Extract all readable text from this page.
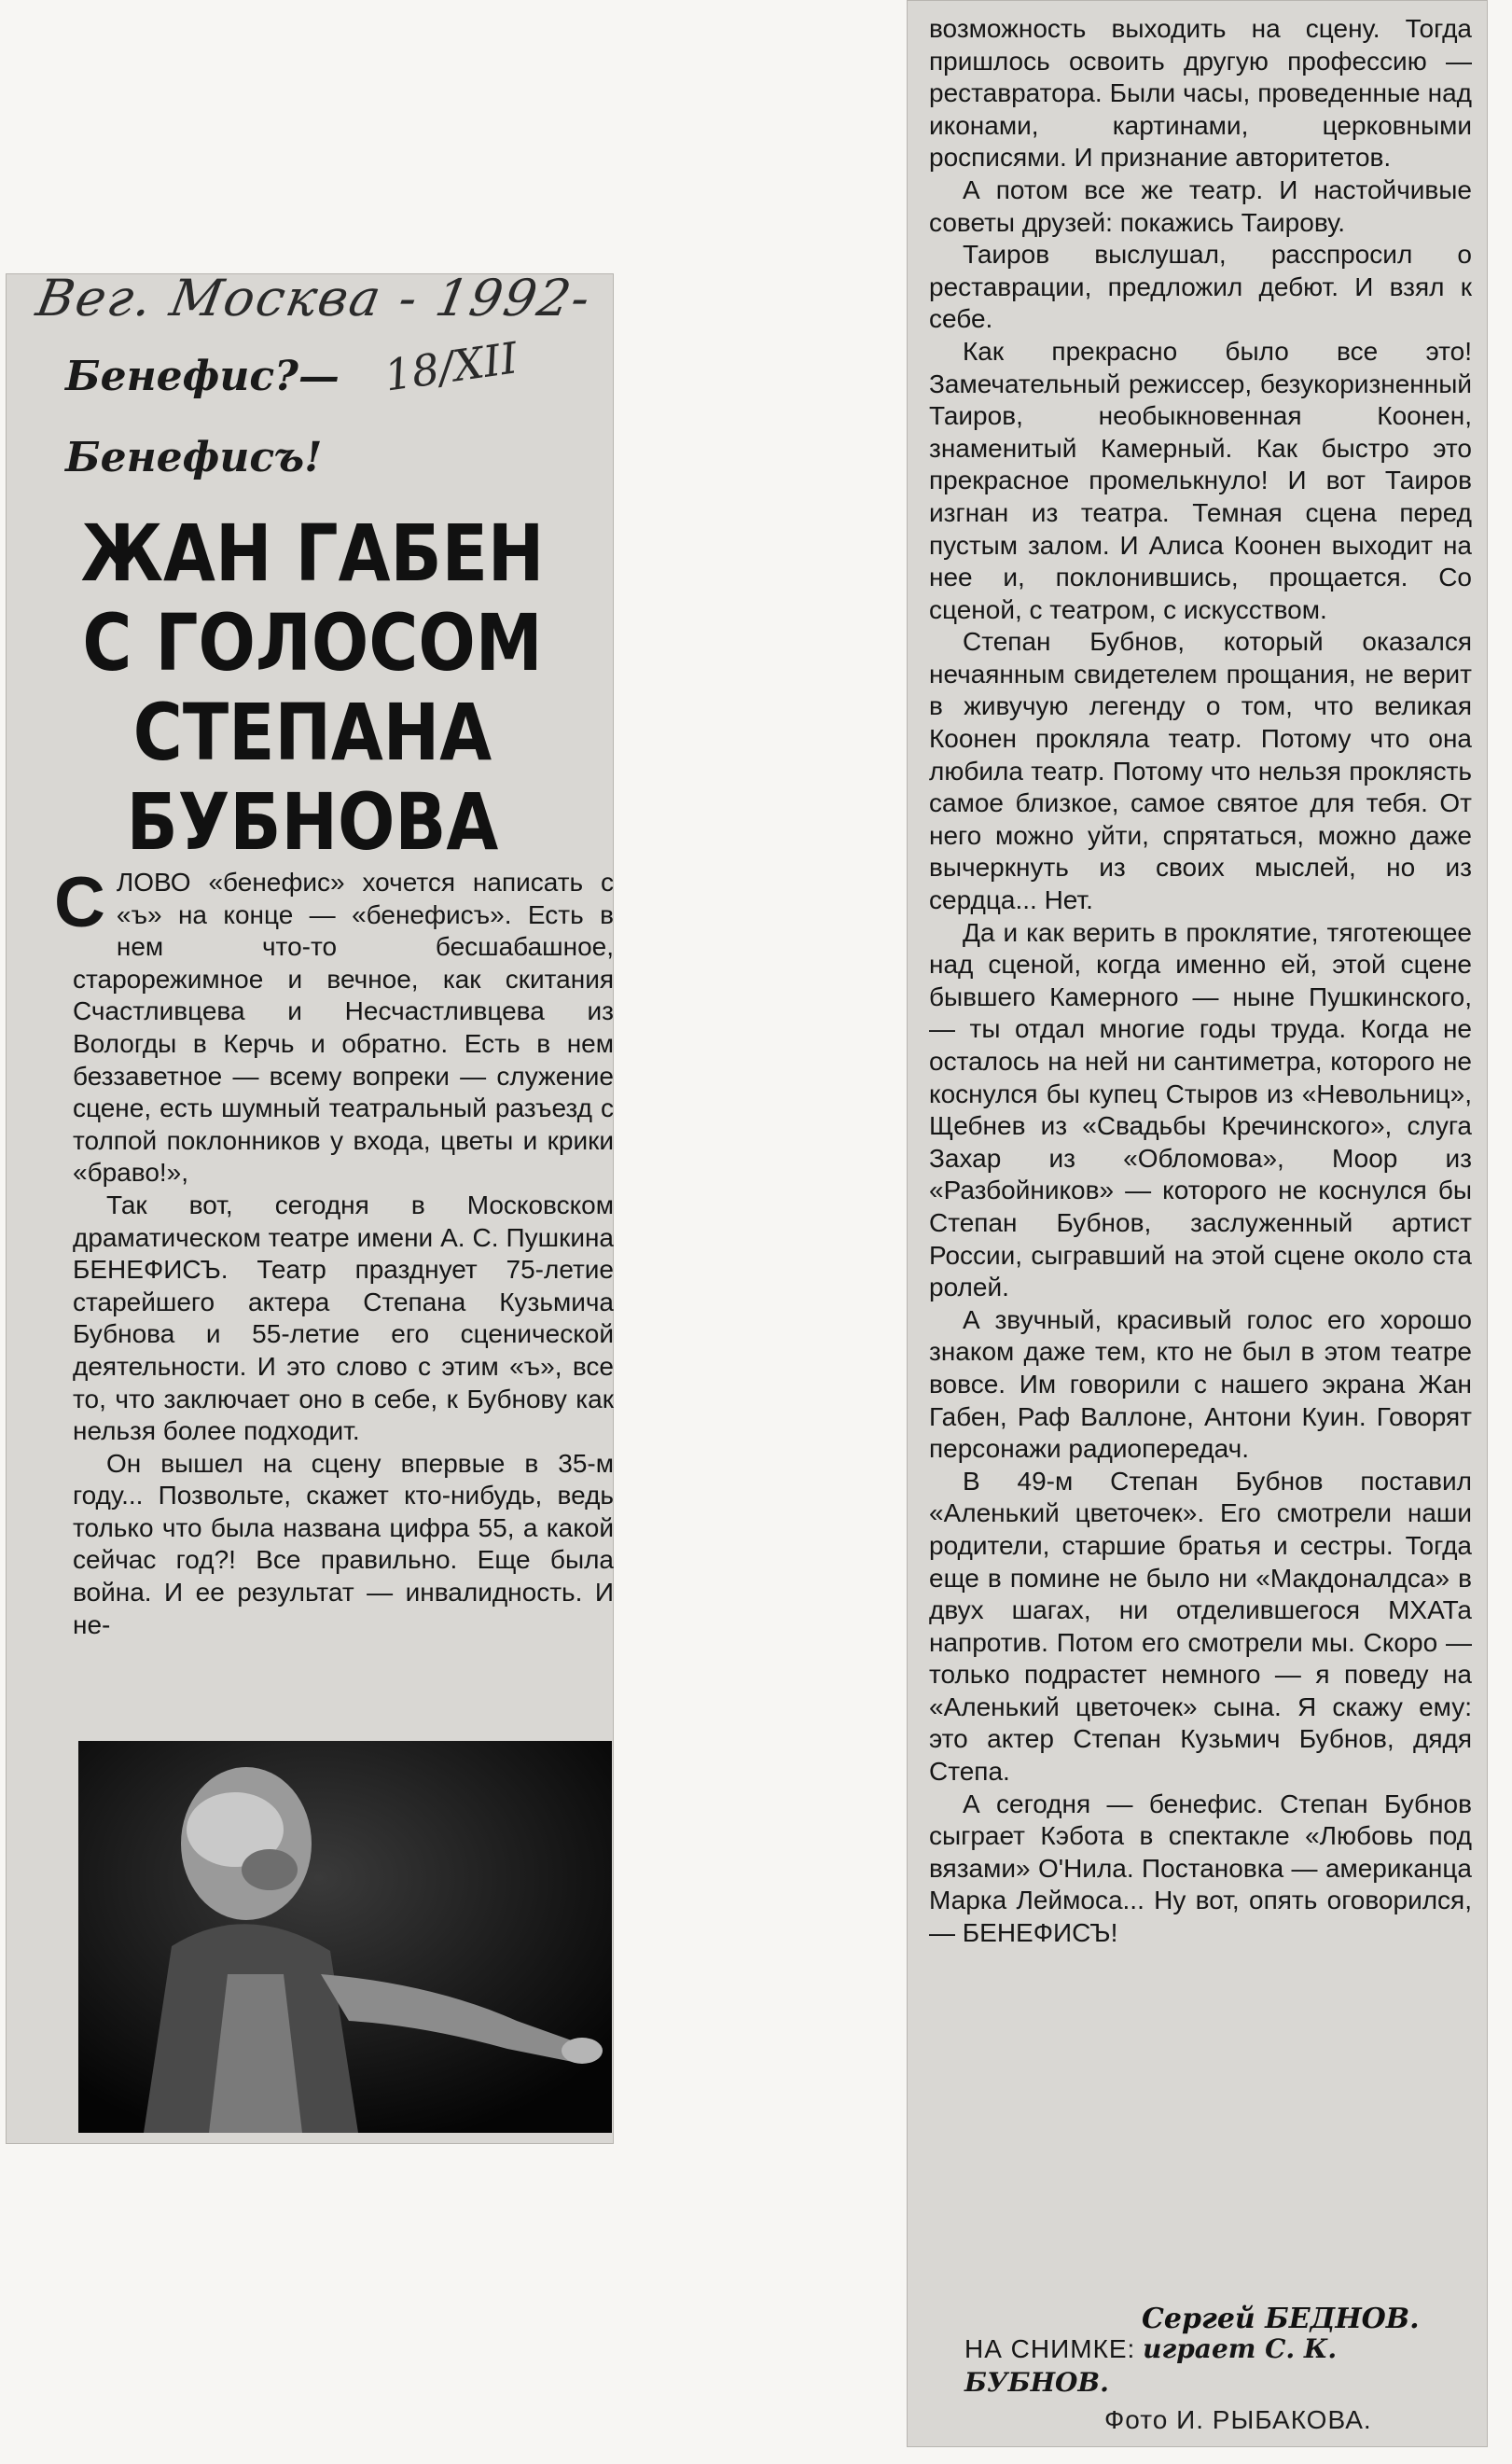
Вег. Москва - 1992-
Бенефис?— 18/XII
Бенефисъ!
ЖАН ГАБЕН
С ГОЛОСОМ
СТЕПАНА
БУБНОВА

СЛОВО «бенефис» хочется написать с «ъ» на конце — «бенефисъ». Есть в нем что-то бесшабашное, старорежимное и вечное, как скитания Счастливцева и Несчастливцева из Вологды в Керчь и обратно. Есть в нем беззаветное — всему вопреки — служение сцене, есть шумный театральный разъезд с толпой поклонников у входа, цветы и крики «браво!»,

Так вот, сегодня в Московском драматическом театре имени А. С. Пушкина БЕНЕФИСЪ. Театр празднует 75-летие старейшего актера Степана Кузьмича Бубнова и 55-летие его сценической деятельности. И это слово с этим «ъ», все то, что заключает оно в себе, к Бубнову как нельзя более подходит.

Он вышел на сцену впервые в 35-м году... Позвольте, скажет кто-нибудь, ведь только что была названа цифра 55, а какой сейчас год?! Все правильно. Еще была война. И ее результат — инвалидность. И не-

возможность выходить на сцену. Тогда пришлось освоить другую профессию — реставратора. Были часы, проведенные над иконами, картинами, церковными росписями. И признание авторитетов.

А потом все же театр. И настойчивые советы друзей: покажись Таирову.

Таиров выслушал, расспросил о реставрации, предложил дебют. И взял к себе.

Как прекрасно было все это! Замечательный режиссер, безукоризненный Таиров, необыкновенная Коонен, знаменитый Камерный. Как быстро это прекрасное промелькнуло! И вот Таиров изгнан из театра. Темная сцена перед пустым залом. И Алиса Коонен выходит на нее и, поклонившись, прощается. Со сценой, с театром, с искусством.

Степан Бубнов, который оказался нечаянным свидетелем прощания, не верит в живучую легенду о том, что великая Коонен прокляла театр. Потому что она любила театр. Потому что нельзя проклясть самое близкое, самое святое для тебя. От него можно уйти, спрятаться, можно даже вычеркнуть из своих мыслей, но из сердца... Нет.

Да и как верить в проклятие, тяготеющее над сценой, когда именно ей, этой сцене бывшего Камерного — ныне Пушкинского, — ты отдал многие годы труда. Когда не осталось на ней ни сантиметра, которого не коснулся бы купец Стыров из «Невольниц», Щебнев из «Свадьбы Кречинского», слуга Захар из «Обломова», Моор из «Разбойников» — которого не коснулся бы Степан Бубнов, заслуженный артист России, сыгравший на этой сцене около ста ролей.

А звучный, красивый голос его хорошо знаком даже тем, кто не был в этом театре вовсе. Им говорили с нашего экрана Жан Габен, Раф Валлоне, Антони Куин. Говорят персонажи радиопередач.

В 49-м Степан Бубнов поставил «Аленький цветочек». Его смотрели наши родители, старшие братья и сестры. Тогда еще в помине не было ни «Макдоналдса» в двух шагах, ни отделившегося МХАТа напротив. Потом его смотрели мы. Скоро — только подрастет немного — я поведу на «Аленький цветочек» сына. Я скажу ему: это актер Степан Кузьмич Бубнов, дядя Степа.

А сегодня — бенефис. Степан Бубнов сыграет Кэбота в спектакле «Любовь под вязами» О'Нила. Постановка — американца Марка Леймоса... Ну вот, опять оговорился, — БЕНЕФИСЪ!

Сергей БЕДНОВ.

НА СНИМКЕ: играет С. К. БУБНОВ.

Фото И. РЫБАКОВА.
